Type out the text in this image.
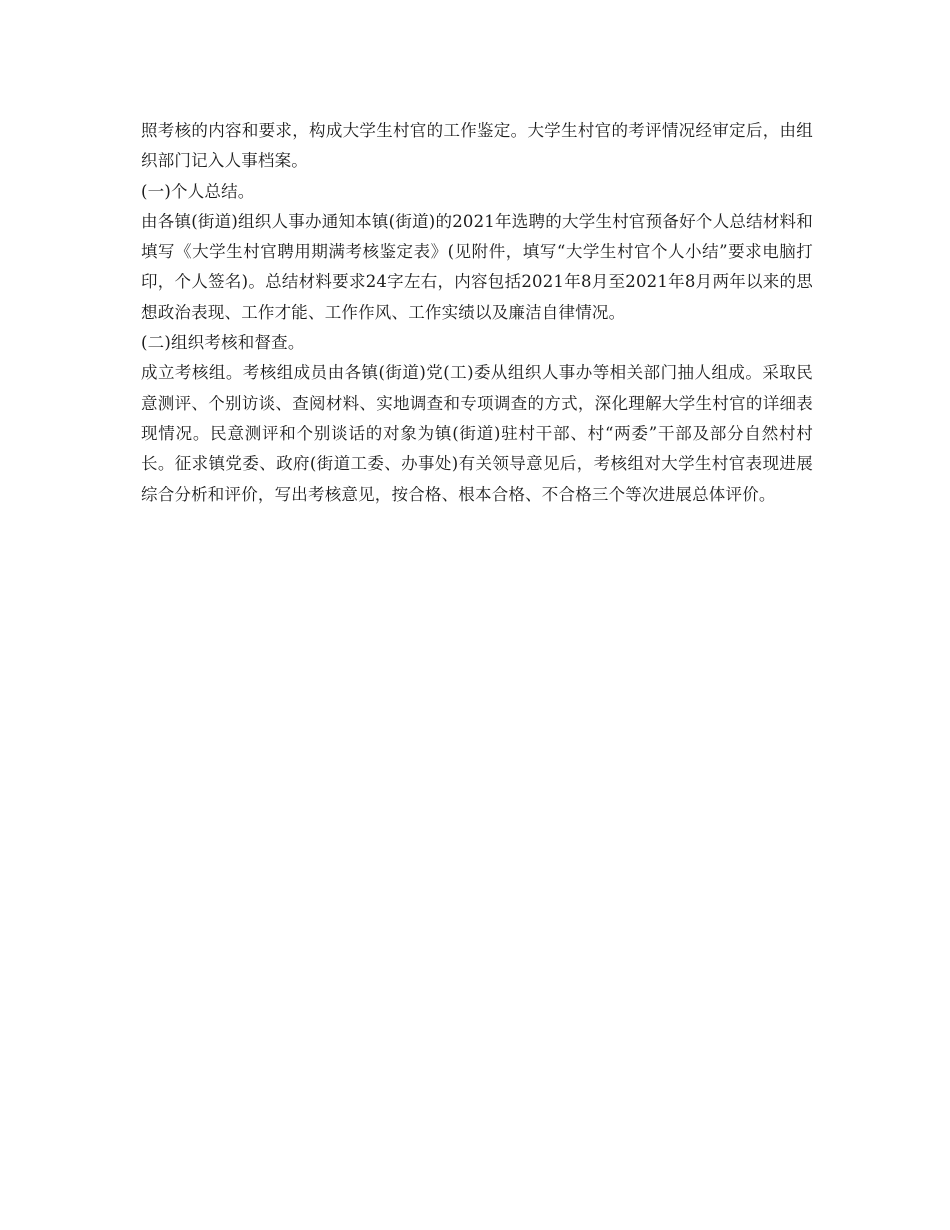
照考核的内容和要求，构成大学生村官的工作鉴定。大学生村官的考评情况经审定后，由组织部门记入人事档案。

(一)个人总结。

由各镇(街道)组织人事办通知本镇(街道)的2021年选聘的大学生村官预备好个人总结材料和填写《大学生村官聘用期满考核鉴定表》(见附件，填写“大学生村官个人小结”要求电脑打印，个人签名)。总结材料要求24字左右，内容包括2021年8月至2021年8月两年以来的思想政治表现、工作才能、工作作风、工作实绩以及廉洁自律情况。

(二)组织考核和督查。

成立考核组。考核组成员由各镇(街道)党(工)委从组织人事办等相关部门抽人组成。采取民意测评、个别访谈、查阅材料、实地调查和专项调查的方式，深化理解大学生村官的详细表现情况。民意测评和个别谈话的对象为镇(街道)驻村干部、村“两委”干部及部分自然村村长。征求镇党委、政府(街道工委、办事处)有关领导意见后，考核组对大学生村官表现进展综合分析和评价，写出考核意见，按合格、根本合格、不合格三个等次进展总体评价。
